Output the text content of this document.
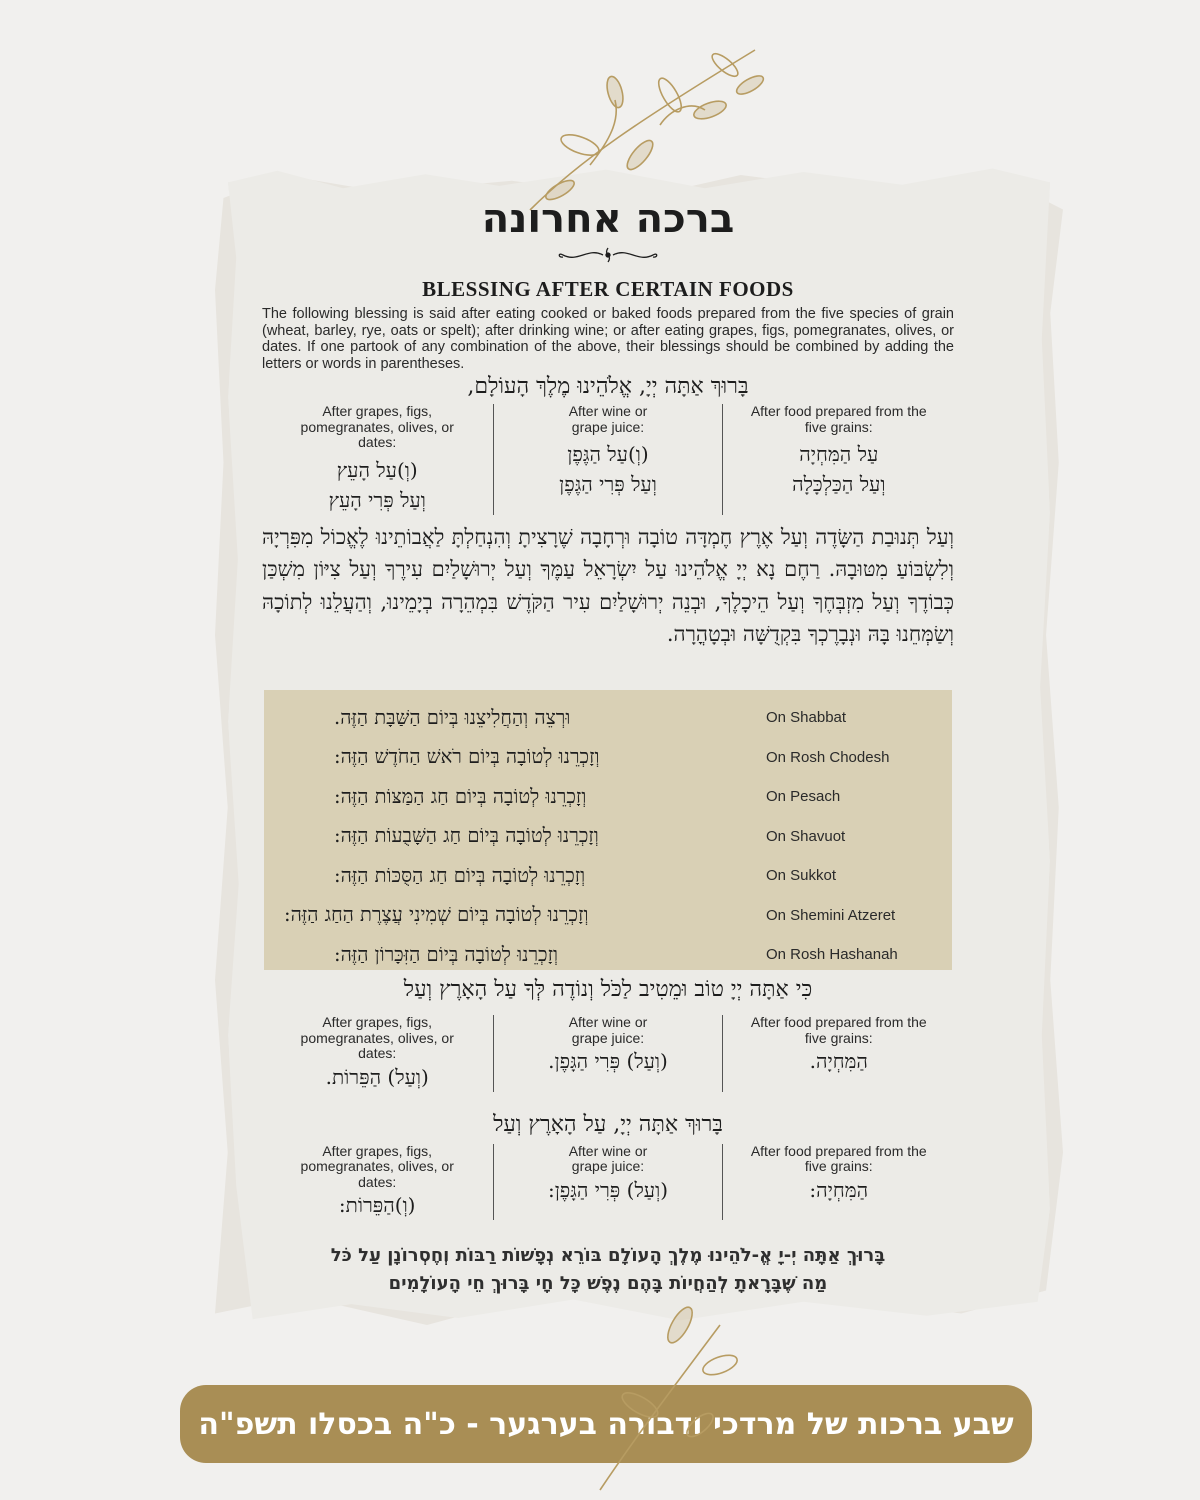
ברכה אחרונה
BLESSING AFTER CERTAIN FOODS
The following blessing is said after eating cooked or baked foods prepared from the five species of grain (wheat, barley, rye, oats or spelt); after drinking wine; or after eating grapes, figs, pomegranates, olives, or dates. If one partook of any combination of the above, their blessings should be combined by adding the letters or words in parentheses.
בָּרוּךְ אַתָּה יְיָ, אֱלֹהֵינוּ מֶלֶךְ הָעוֹלָם,
After food prepared from the five grains:
עַל הַמִּחְיָה
וְעַל הַכַּלְכָּלָה
After wine or grape juice:
(וְ)עַל הַגֶּפֶן
וְעַל פְּרִי הַגֶּפֶן
After grapes, figs, pomegranates, olives, or dates:
(וְ)עַל הָעֵץ
וְעַל פְּרִי הָעֵץ
וְעַל תְּנוּבַת הַשָּׂדֶה וְעַל אֶרֶץ חֶמְדָּה טוֹבָה וּרְחָבָה שֶׁרָצִיתָ וְהִנְחַלְתָּ לַאֲבוֹתֵינוּ לֶאֱכוֹל מִפִּרְיָהּ וְלִשְׂבּוֹעַ מִטּוּבָהּ. רַחֶם נָא יְיָ אֱלֹהֵינוּ עַל יִשְׂרָאֵל עַמֶּךָ וְעַל יְרוּשָׁלַיִם עִירֶךָ וְעַל צִיּוֹן מִשְׁכַּן כְּבוֹדֶךָ וְעַל מִזְבְּחֶךָ וְעַל הֵיכָלֶךָ, וּבְנֵה יְרוּשָׁלַיִם עִיר הַקֹּדֶשׁ בִּמְהֵרָה בְיָמֵינוּ, וְהַעֲלֵנוּ לְתוֹכָהּ וְשַׂמְּחֵנוּ בָּהּ וּנְבָרֶכְךָ בִּקְדֻשָּׁה וּבְטָהֳרָה.
On Shabbat
וּרְצֵה וְהַחֲלִיצֵנוּ בְּיוֹם הַשַּׁבָּת הַזֶּה.
On Rosh Chodesh
וְזָכְרֵנוּ לְטוֹבָה בְּיוֹם רֹאשׁ הַחֹדֶשׁ הַזֶּה:
On Pesach
וְזָכְרֵנוּ לְטוֹבָה בְּיוֹם חַג הַמַּצּוֹת הַזֶּה:
On Shavuot
וְזָכְרֵנוּ לְטוֹבָה בְּיוֹם חַג הַשָּׁבֻעוֹת הַזֶּה:
On Sukkot
וְזָכְרֵנוּ לְטוֹבָה בְּיוֹם חַג הַסֻּכּוֹת הַזֶּה:
On Shemini Atzeret
וְזָכְרֵנוּ לְטוֹבָה בְּיוֹם שְׁמִינִי עֲצֶרֶת הַחַג הַזֶּה:
On Rosh Hashanah
וְזָכְרֵנוּ לְטוֹבָה בְּיוֹם הַזִּכָּרוֹן הַזֶּה:
כִּי אַתָּה יְיָ טוֹב וּמֵטִיב לַכֹּל וְנוֹדֶה לְּךָ עַל הָאָרֶץ וְעַל
After food prepared from the five grains:
הַמִּחְיָה.
After wine or grape juice:
(וְעַל) פְּרִי הַגָּפֶן.
After grapes, figs, pomegranates, olives, or dates:
(וְעַל) הַפֵּרוֹת.
בָּרוּךְ אַתָּה יְיָ, עַל הָאָרֶץ וְעַל
After food prepared from the five grains:
הַמִּחְיָה:
After wine or grape juice:
(וְעַל) פְּרִי הַגָּפֶן:
After grapes, figs, pomegranates, olives, or dates:
(וְ)הַפֵּרוֹת:
בָּרוּךְ אַתָּה יְ-יָ אֱ-לֹהֵינוּ מֶלֶךְ הָעוֹלָם בּוֹרֵא נְפָשׁוֹת רַבּוֹת וְחֶסְרוֹנָן עַל כֹּל
מַה שֶּׁבָּרָאתָ לְהַחֲיוֹת בָּהֶם נֶפֶשׁ כָּל חָי בָּרוּךְ חֵי הָעוֹלָמִים
שבע ברכות של מרדכי ודבורה בערגער - כ"ה בכסלו תשפ"ה
